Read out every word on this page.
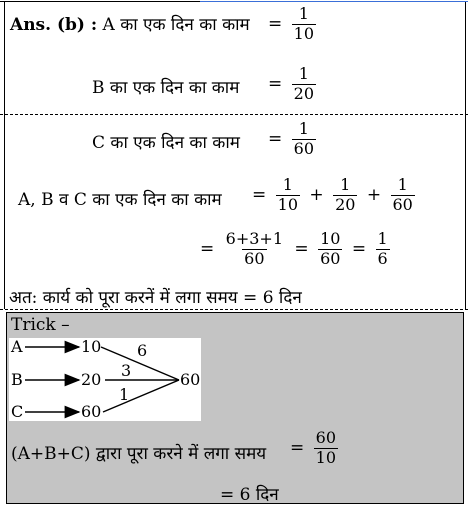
Ans. (b) : A का एक दिन का काम = $\frac{1}{10}$
B का एक दिन का काम = $\frac{1}{20}$
C का एक दिन का काम = $\frac{1}{60}$
A, B व C का एक दिन का काम = $\frac{1}{10} + \frac{1}{20} + \frac{1}{60}$
= $\frac{6+3+1}{60} = \frac{10}{60} = \frac{1}{6}$
अत: कार्य को पूरा करनें में लगा समय = 6 दिन
Trick –
A
B
C
10
20
60
6
3
1
60
(A+B+C) द्वारा पूरा करने में लगा समय = $\frac{60}{10}$
= 6 दिन
